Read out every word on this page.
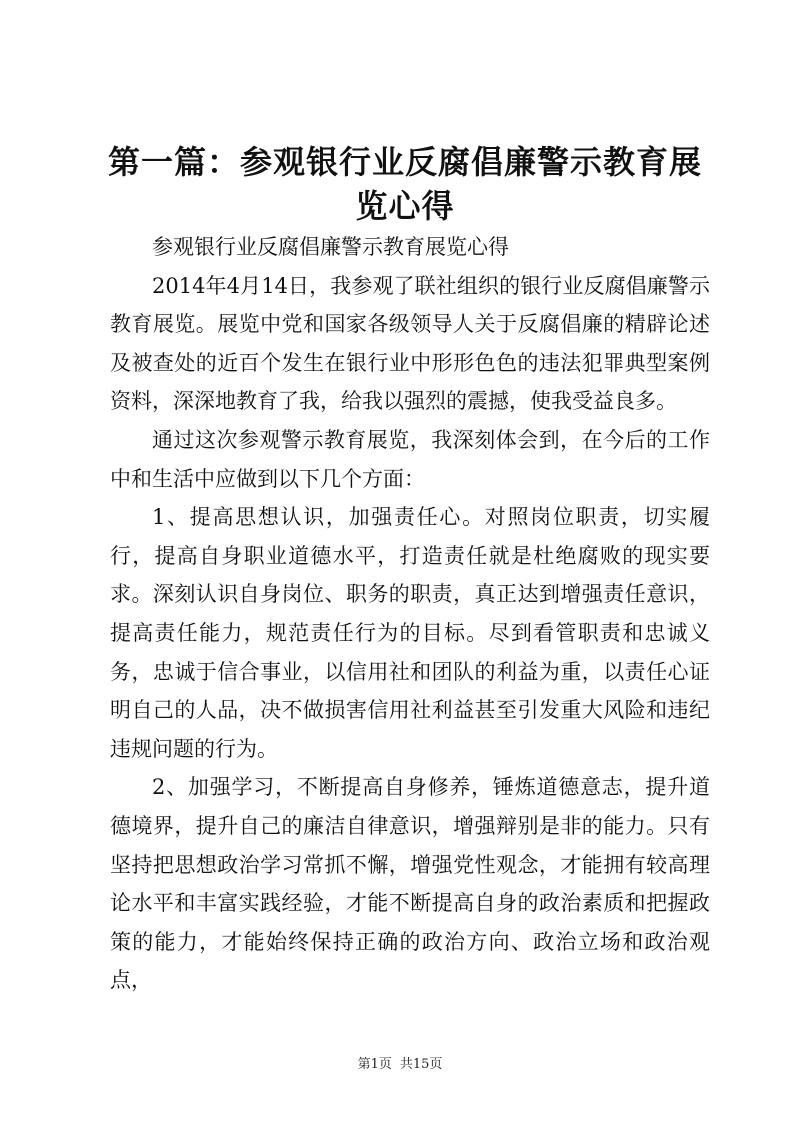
第一篇：参观银行业反腐倡廉警示教育展览心得

参观银行业反腐倡廉警示教育展览心得

2014年4月14日，我参观了联社组织的银行业反腐倡廉警示教育展览。展览中党和国家各级领导人关于反腐倡廉的精辟论述及被查处的近百个发生在银行业中形形色色的违法犯罪典型案例资料，深深地教育了我，给我以强烈的震撼，使我受益良多。

通过这次参观警示教育展览，我深刻体会到，在今后的工作中和生活中应做到以下几个方面：

1、提高思想认识，加强责任心。对照岗位职责，切实履行，提高自身职业道德水平，打造责任就是杜绝腐败的现实要求。深刻认识自身岗位、职务的职责，真正达到增强责任意识，提高责任能力，规范责任行为的目标。尽到看管职责和忠诚义务，忠诚于信合事业，以信用社和团队的利益为重，以责任心证明自己的人品，决不做损害信用社利益甚至引发重大风险和违纪违规问题的行为。

2、加强学习，不断提高自身修养，锤炼道德意志，提升道德境界，提升自己的廉洁自律意识，增强辩别是非的能力。只有坚持把思想政治学习常抓不懈，增强党性观念，才能拥有较高理论水平和丰富实践经验，才能不断提高自身的政治素质和把握政策的能力，才能始终保持正确的政治方向、政治立场和政治观点，

第1页 共15页
